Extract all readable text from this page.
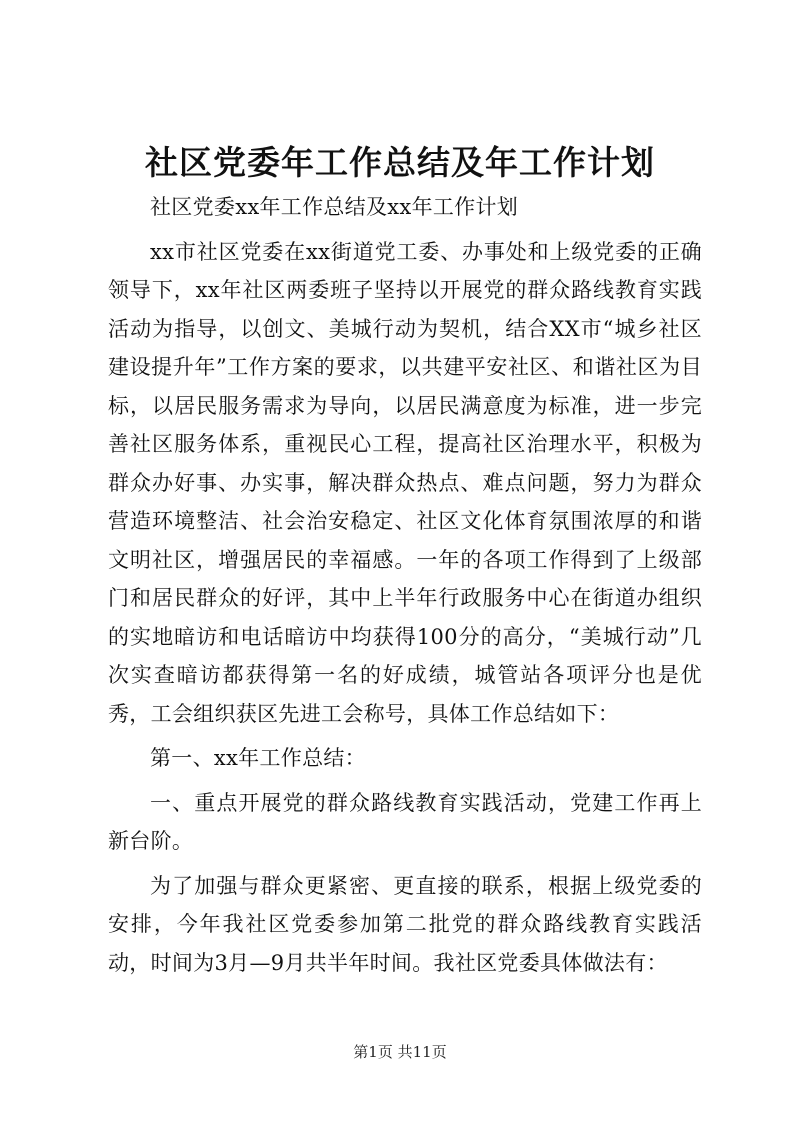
社区党委年工作总结及年工作计划

社区党委xx年工作总结及xx年工作计划

xx市社区党委在xx街道党工委、办事处和上级党委的正确领导下，xx年社区两委班子坚持以开展党的群众路线教育实践活动为指导，以创文、美城行动为契机，结合XX市“城乡社区建设提升年”工作方案的要求，以共建平安社区、和谐社区为目标，以居民服务需求为导向，以居民满意度为标准，进一步完善社区服务体系，重视民心工程，提高社区治理水平，积极为群众办好事、办实事，解决群众热点、难点问题，努力为群众营造环境整洁、社会治安稳定、社区文化体育氛围浓厚的和谐文明社区，增强居民的幸福感。一年的各项工作得到了上级部门和居民群众的好评，其中上半年行政服务中心在街道办组织的实地暗访和电话暗访中均获得100分的高分，“美城行动”几次实查暗访都获得第一名的好成绩，城管站各项评分也是优秀，工会组织获区先进工会称号，具体工作总结如下：

第一、xx年工作总结：

一、重点开展党的群众路线教育实践活动，党建工作再上新台阶。

为了加强与群众更紧密、更直接的联系，根据上级党委的安排，今年我社区党委参加第二批党的群众路线教育实践活动，时间为3月—9月共半年时间。我社区党委具体做法有：

第1页 共11页
